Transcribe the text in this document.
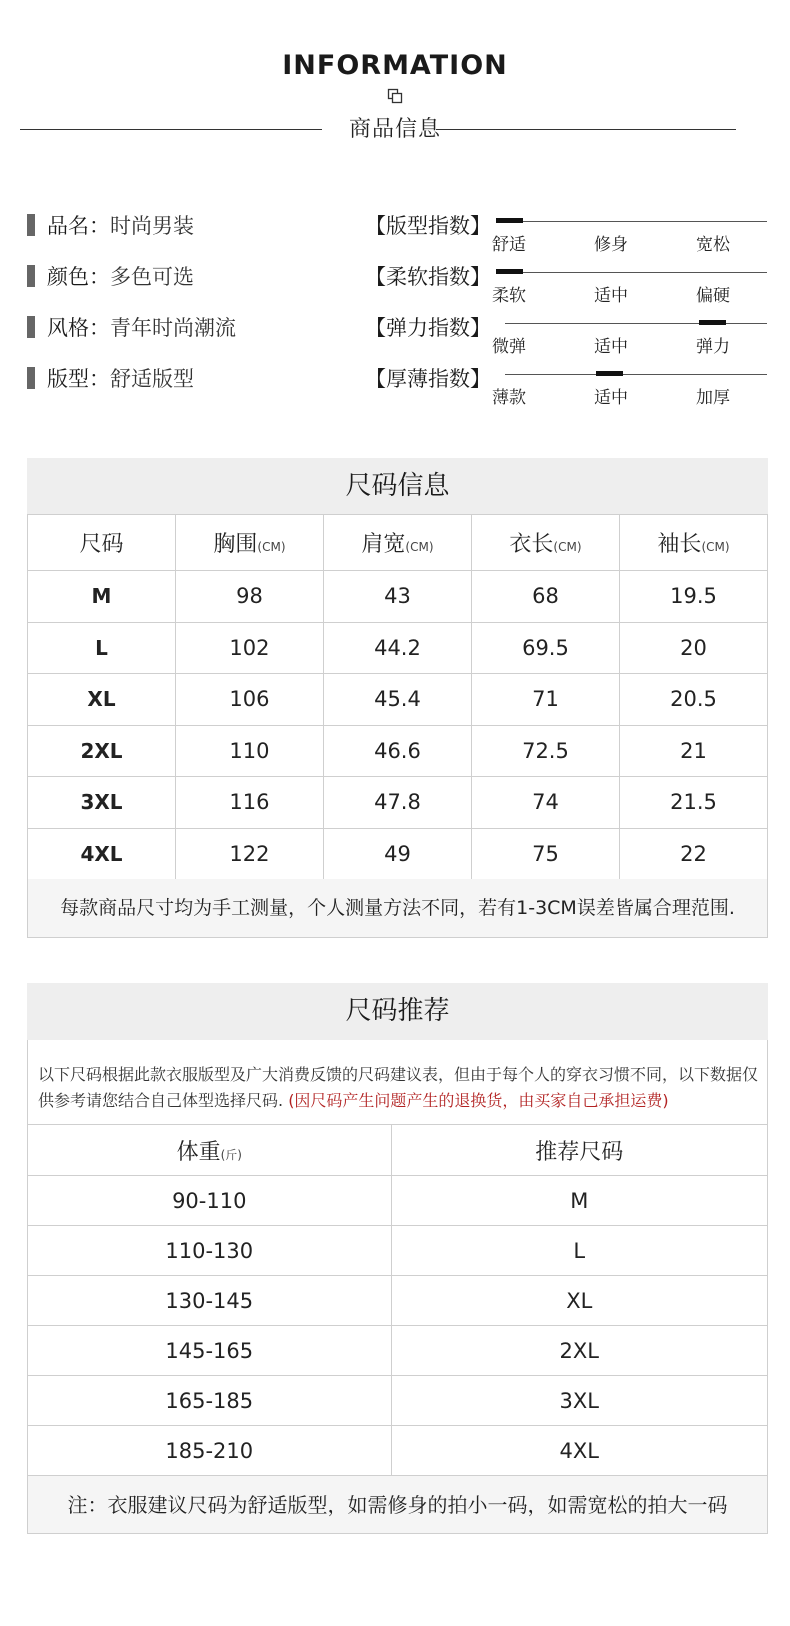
INFORMATION
商品信息
品名： 时尚男装
颜色： 多色可选
风格： 青年时尚潮流
版型： 舒适版型
【版型指数】
舒适	修身	宽松
【柔软指数】
柔软	适中	偏硬
【弹力指数】
微弹	适中	弹力
【厚薄指数】
薄款	适中	加厚
尺码信息
尺码	胸围(CM)	肩宽(CM)	衣长(CM)	袖长(CM)
M	98	43	68	19.5
L	102	44.2	69.5	20
XL	106	45.4	71	20.5
2XL	110	46.6	72.5	21
3XL	116	47.8	74	21.5
4XL	122	49	75	22
每款商品尺寸均为手工测量，个人测量方法不同，若有1-3CM误差皆属合理范围.
尺码推荐
以下尺码根据此款衣服版型及广大消费反馈的尺码建议表，但由于每个人的穿衣习惯不同，以下数据仅供参考请您结合自己体型选择尺码. (因尺码产生问题产生的退换货，由买家自己承担运费)
体重(斤)	推荐尺码
90-110	M
110-130	L
130-145	XL
145-165	2XL
165-185	3XL
185-210	4XL
注：衣服建议尺码为舒适版型，如需修身的拍小一码，如需宽松的拍大一码
